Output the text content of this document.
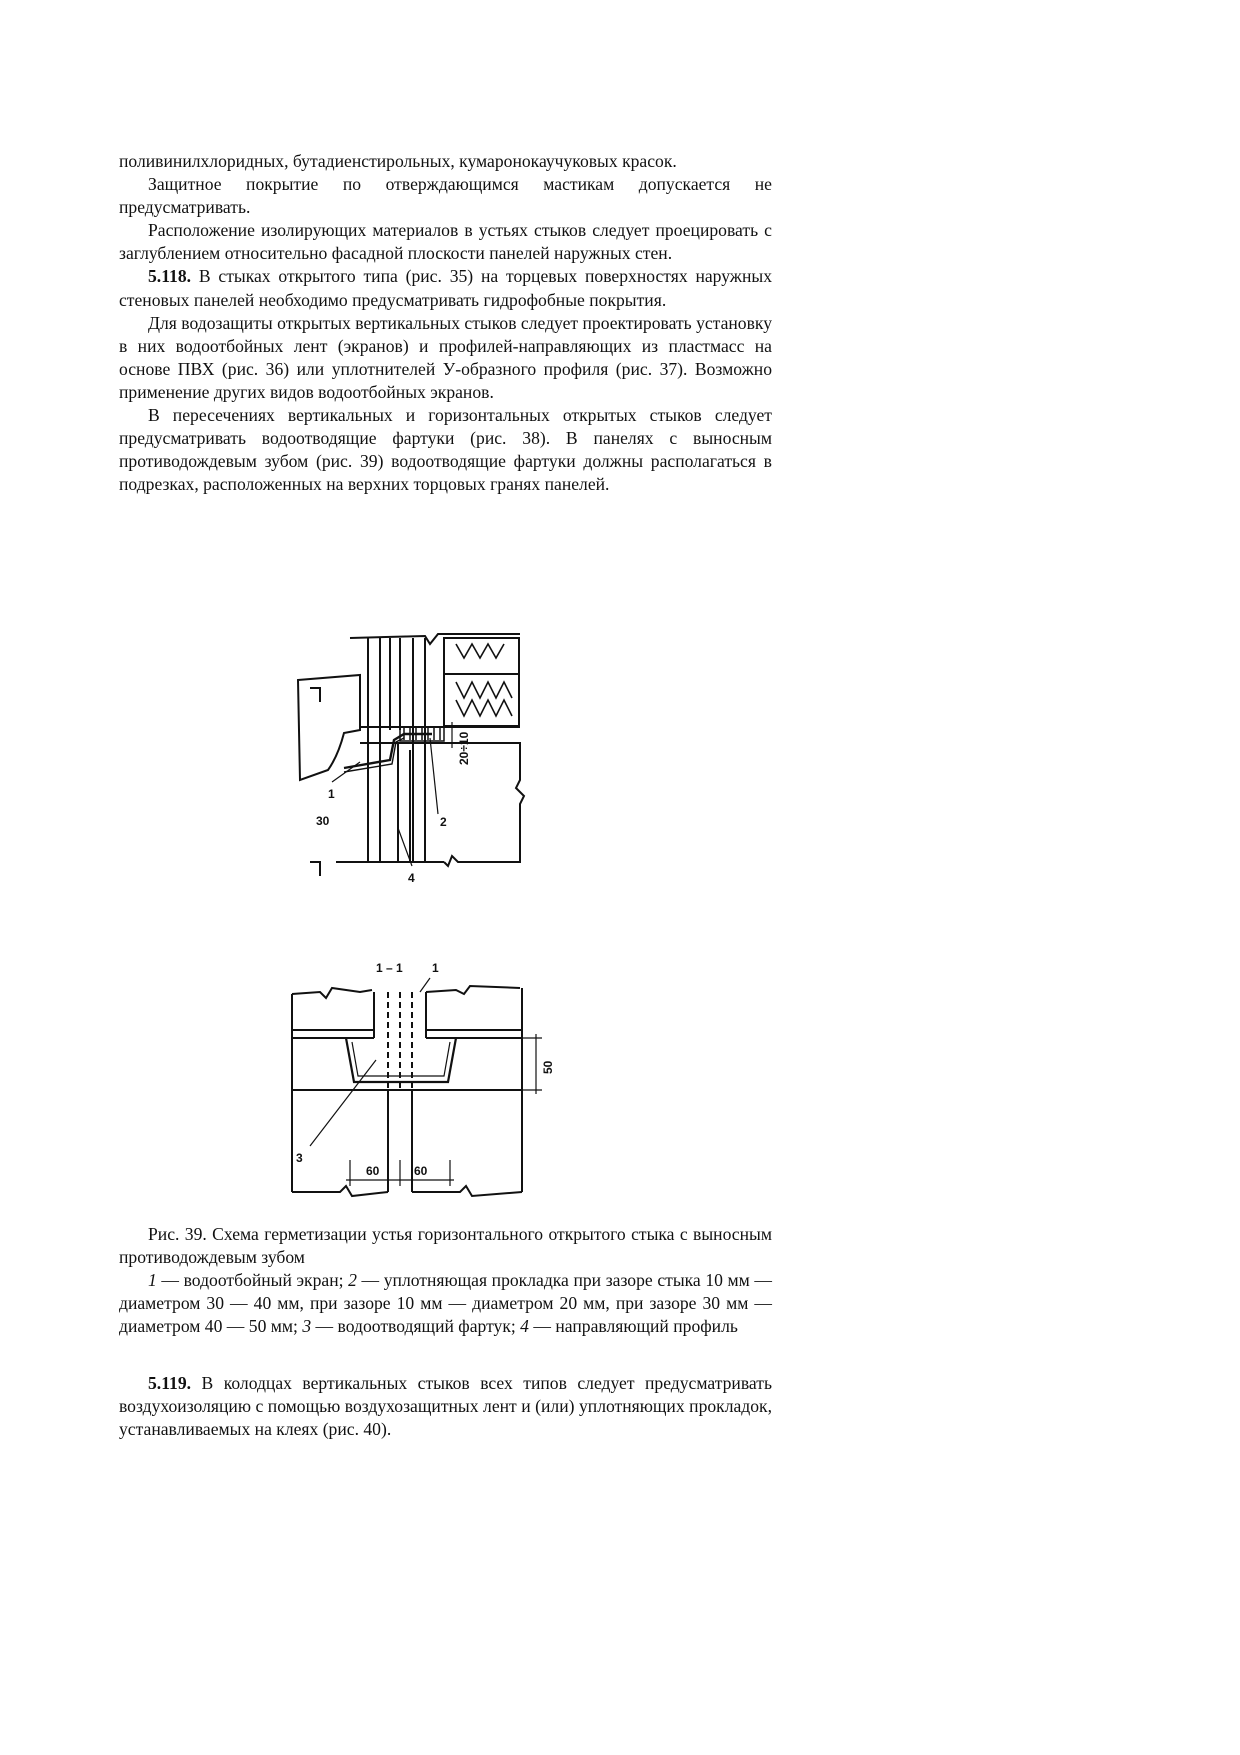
поливинилхлоридных, бутадиенстирольных, кумаронокаучуковых красок.

Защитное покрытие по отверждающимся мастикам допускается не предусматривать.

Расположение изолирующих материалов в устьях стыков следует проецировать с заглублением относительно фасадной плоскости панелей наружных стен.

5.118. В стыках открытого типа (рис. 35) на торцевых поверхностях наружных стеновых панелей необходимо предусматривать гидрофобные покрытия.

Для водозащиты открытых вертикальных стыков следует проектировать установку в них водоотбойных лент (экранов) и профилей-направляющих из пластмасс на основе ПВХ (рис. 36) или уплотнителей У-образного профиля (рис. 37). Возможно применение других видов водоотбойных экранов.

В пересечениях вертикальных и горизонтальных открытых стыков следует предусматривать водоотводящие фартуки (рис. 38). В панелях с выносным противодождевым зубом (рис. 39) водоотводящие фартуки должны располагаться в подрезках, расположенных на верхних торцовых гранях панелей.

1
2
4
30
20÷10
1 – 1 1
50
60	60
3

Рис. 39. Схема герметизации устья горизонтального открытого стыка с выносным противодождевым зубом

1 — водоотбойный экран; 2 — уплотняющая прокладка при зазоре стыка 10 мм — диаметром 30 — 40 мм, при зазоре 10 мм — диаметром 20 мм, при зазоре 30 мм — диаметром 40 — 50 мм; 3 — водоотводящий фартук; 4 — направляющий профиль

5.119. В колодцах вертикальных стыков всех типов следует предусматривать воздухоизоляцию с помощью воздухозащитных лент и (или) уплотняющих прокладок, устанавливаемых на клеях (рис. 40).
